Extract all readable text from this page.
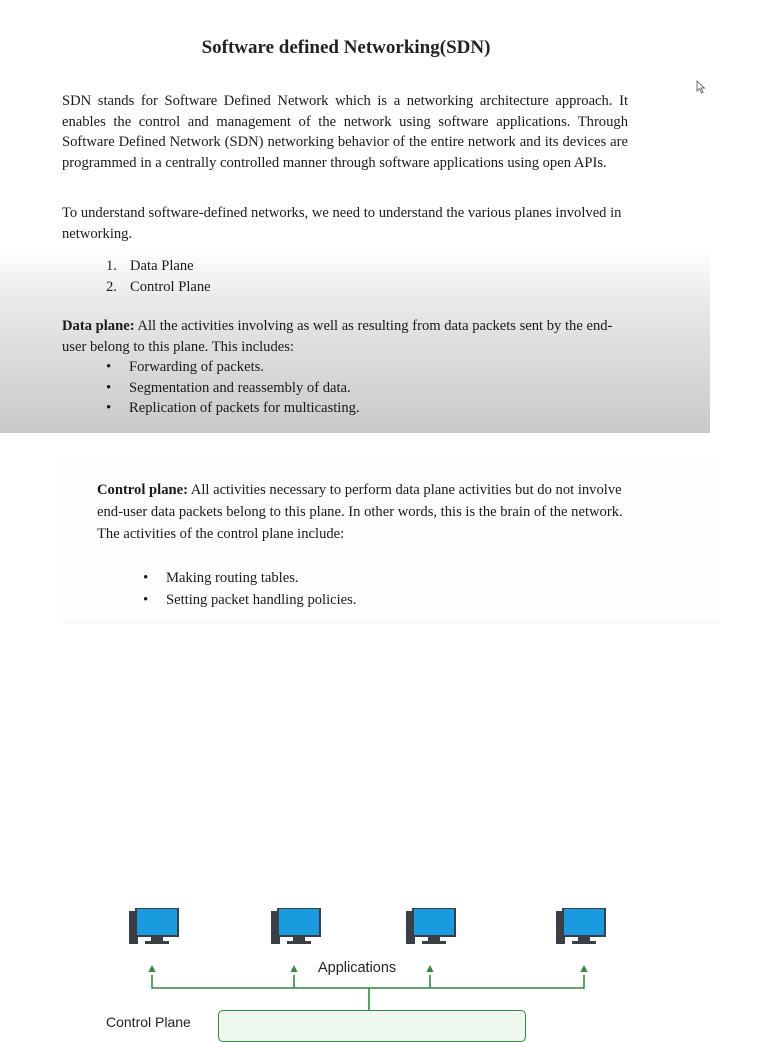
Software defined Networking(SDN)
SDN stands for Software Defined Network which is a networking architecture approach. It enables the control and management of the network using software applications. Through Software Defined Network (SDN) networking behavior of the entire network and its devices are programmed in a centrally controlled manner through software applications using open APIs.
To understand software-defined networks, we need to understand the various planes involved in networking.
1. Data Plane
2. Control Plane
Data plane: All the activities involving as well as resulting from data packets sent by the end-user belong to this plane. This includes:
• Forwarding of packets.
• Segmentation and reassembly of data.
• Replication of packets for multicasting.
Control plane: All activities necessary to perform data plane activities but do not involve end-user data packets belong to this plane. In other words, this is the brain of the network. The activities of the control plane include:
• Making routing tables.
• Setting packet handling policies.
Applications
Control Plane
